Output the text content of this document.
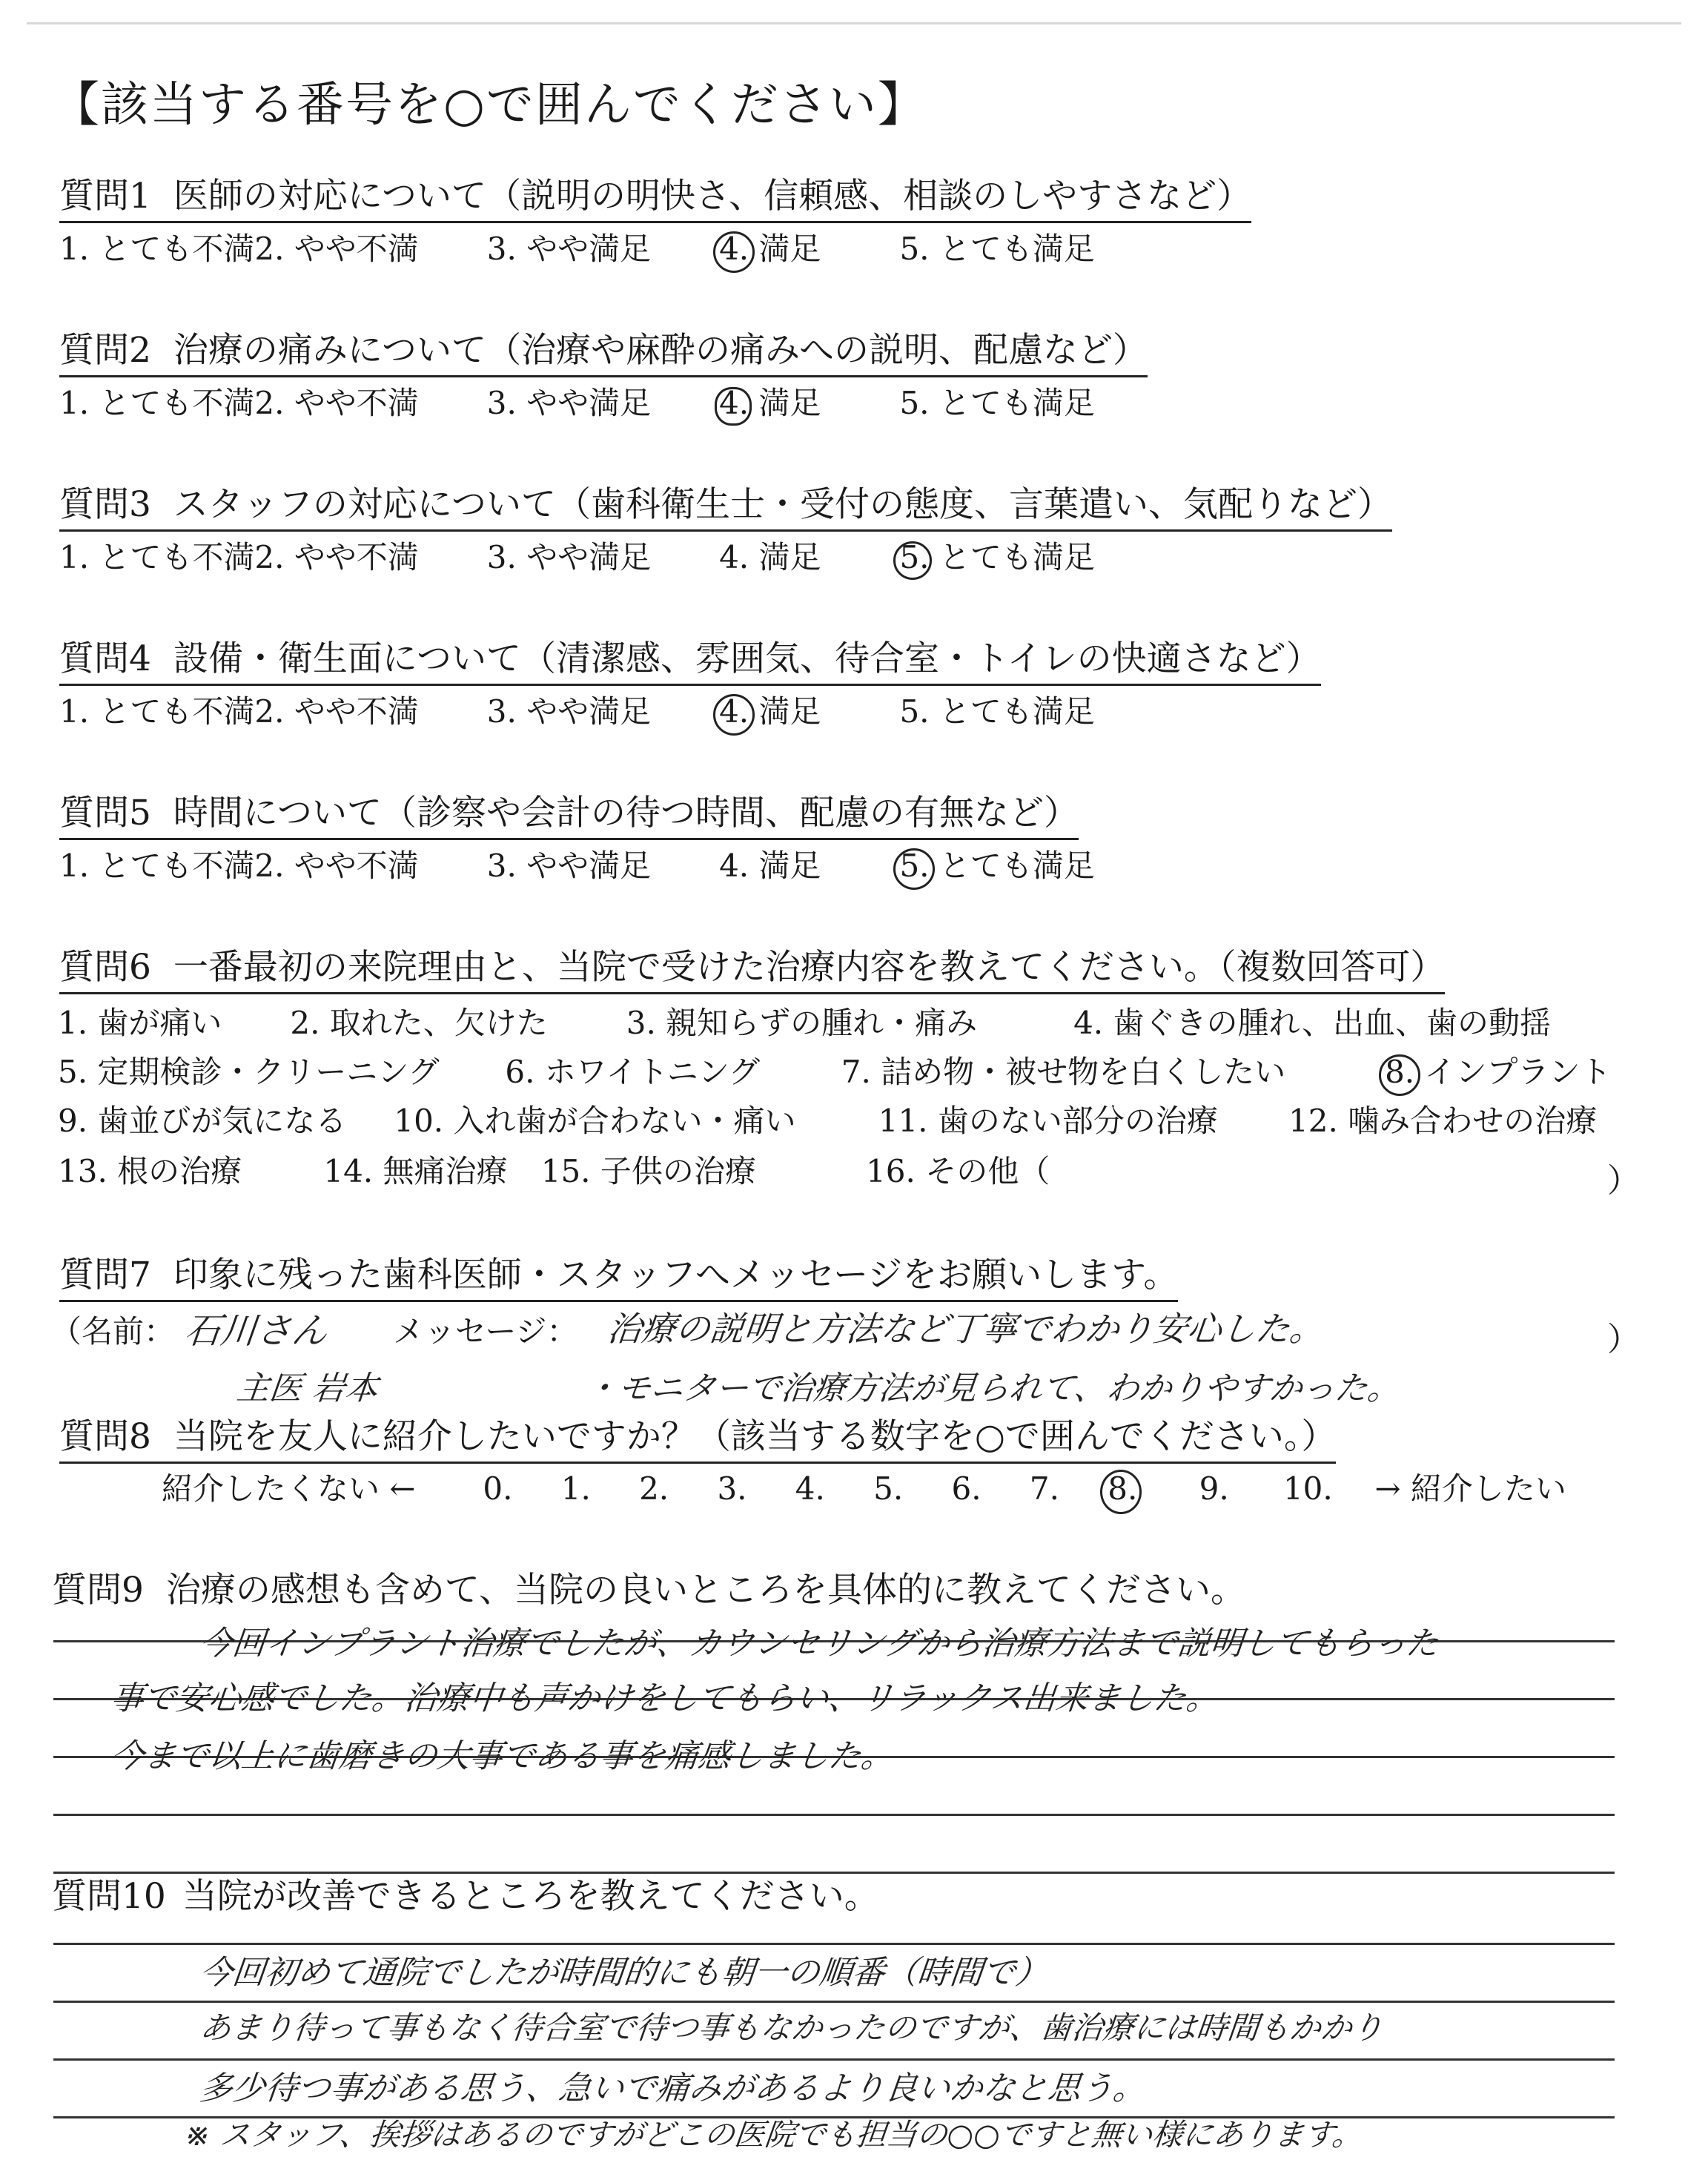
【該当する番号を○で囲んでください】
質問1 医師の対応について（説明の明快さ、信頼感、相談のしやすさなど）
1. とても不満 2. やや不満 3. やや満足 4. 満足	5. とても満足
質問2 治療の痛みについて（治療や麻酔の痛みへの説明、配慮など）
1. とても不満 2. やや不満 3. やや満足 4. 満足	5. とても満足
質問3 スタッフの対応について（歯科衛生士・受付の態度、言葉遣い、気配りなど）
1. とても不満 2. やや不満 3. やや満足 4. 満足	5. とても満足
質問4 設備・衛生面について（清潔感、雰囲気、待合室・トイレの快適さなど）
1. とても不満 2. やや不満 3. やや満足 4. 満足	5. とても満足
質問5 時間について（診察や会計の待つ時間、配慮の有無など）
1. とても不満 2. やや不満 3. やや満足 4. 満足	5. とても満足
質問6 一番最初の来院理由と、当院で受けた治療内容を教えてください。（複数回答可）
1. 歯が痛い 2. 取れた、欠けた	3. 親知らずの腫れ・痛み	4. 歯ぐきの腫れ、出血、歯の動揺
5. 定期検診・クリーニング 6. ホワイトニング	7. 詰め物・被せ物を白くしたい	8. インプラント
9. 歯並びが気になる 10. 入れ歯が合わない・痛い	11. 歯のない部分の治療 12. 噛み合わせの治療
13. 根の治療	14. 無痛治療 15. 子供の治療	16. その他（	）
質問7 印象に残った歯科医師・スタッフへメッセージをお願いします。
（名前： 石川さん メッセージ： 治療の説明と方法など丁寧でわかり安心した。	）
主医 岩本	・モニターで治療方法が見られて、わかりやすかった。
質問8 当院を友人に紹介したいですか？（該当する数字を○で囲んでください。）
紹介したくない ← 0. 1. 2. 3. 4. 5. 6. 7. 8. 9. 10. → 紹介したい
質問9 治療の感想も含めて、当院の良いところを具体的に教えてください。
今回インプラント治療でしたが、カウンセリングから治療方法まで説明してもらった
事で安心感でした。治療中も声かけをしてもらい、リラックス出来ました。
今まで以上に歯磨きの大事である事を痛感しました。
質問10 当院が改善できるところを教えてください。
今回初めて通院でしたが時間的にも朝一の順番（時間で）
あまり待って事もなく待合室で待つ事もなかったのですが、歯治療には時間もかかり
多少待つ事がある思う、急いで痛みがあるより良いかなと思う。
※ スタッフ、挨拶はあるのですがどこの医院でも担当の○○ですと無い様にあります。
